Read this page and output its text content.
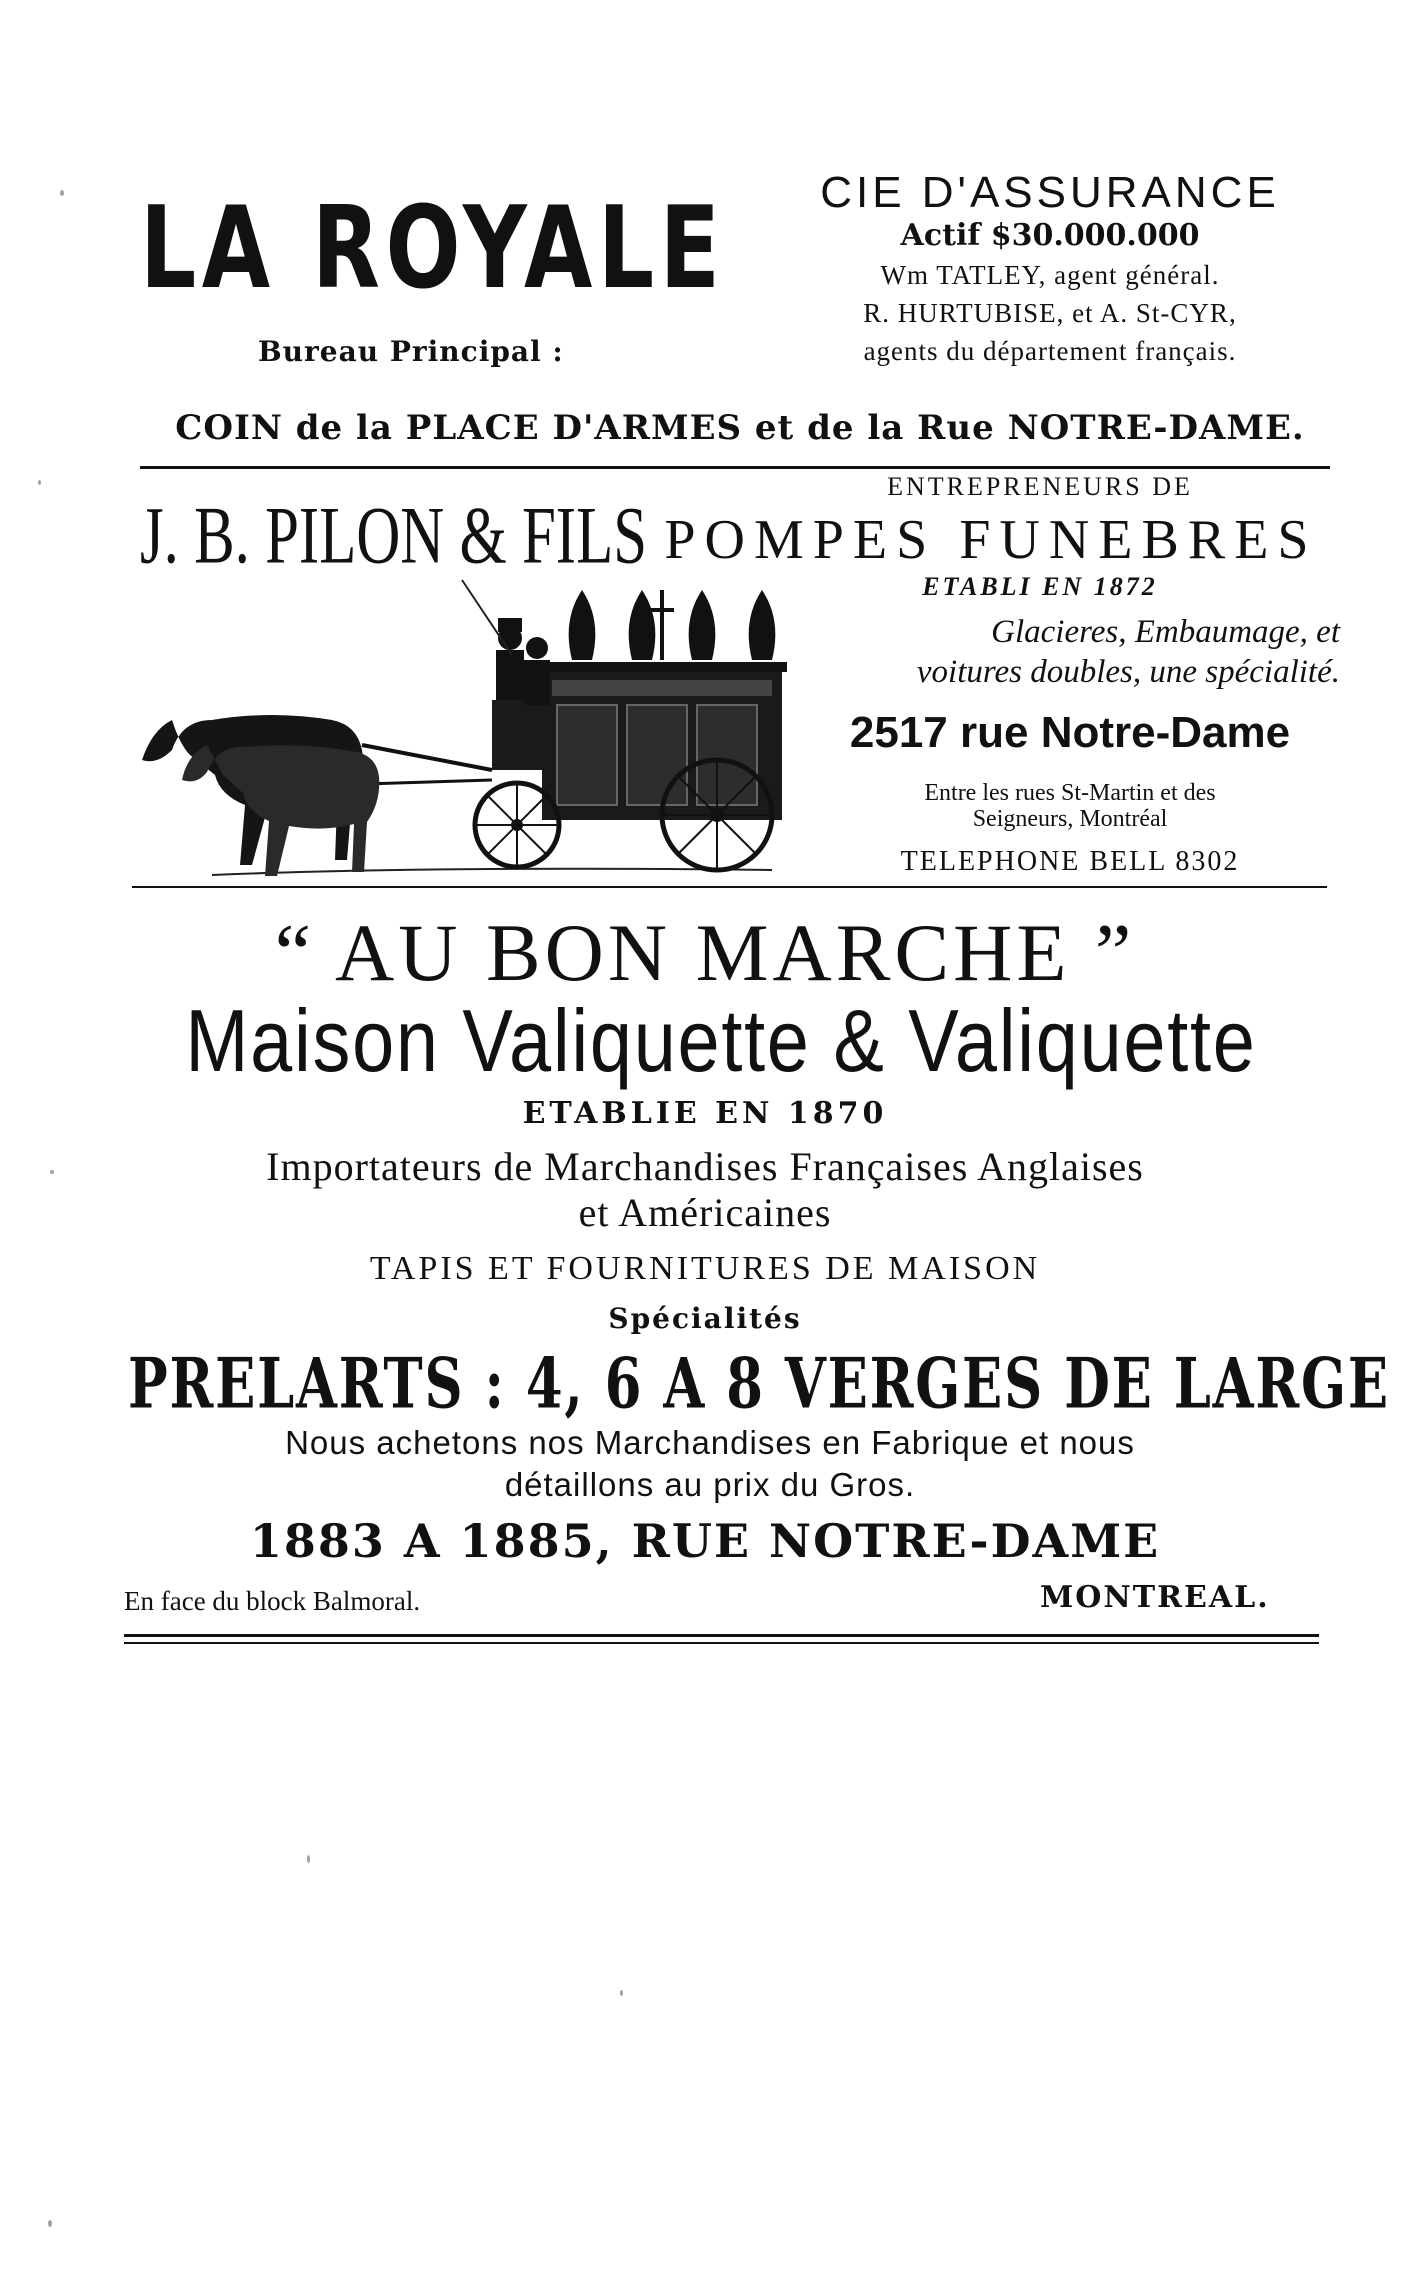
LA ROYALE
Bureau Principal :
CIE D'ASSURANCE
Actif $30.000.000
Wm TATLEY, agent général.
R. HURTUBISE, et A. St-CYR,
agents du département français.
COIN de la PLACE D'ARMES et de la Rue NOTRE-DAME.
J. B. PILON & FILS
ENTREPRENEURS DE
POMPES FUNEBRES
ETABLI EN 1872
Glacieres, Embaumage, et
voitures doubles, une spécialité.
2517 rue Notre-Dame
Entre les rues St-Martin et des
Seigneurs, Montréal
TELEPHONE BELL 8302
“ AU BON MARCHE ”
Maison Valiquette & Valiquette
ETABLIE EN 1870
Importateurs de Marchandises Françaises Anglaises
et Américaines
TAPIS ET FOURNITURES DE MAISON
Spécialités
PRELARTS : 4, 6 A 8 VERGES DE LARGE
Nous achetons nos Marchandises en Fabrique et nous
détaillons au prix du Gros.
1883 A 1885, RUE NOTRE-DAME
En face du block Balmoral.	MONTREAL.
